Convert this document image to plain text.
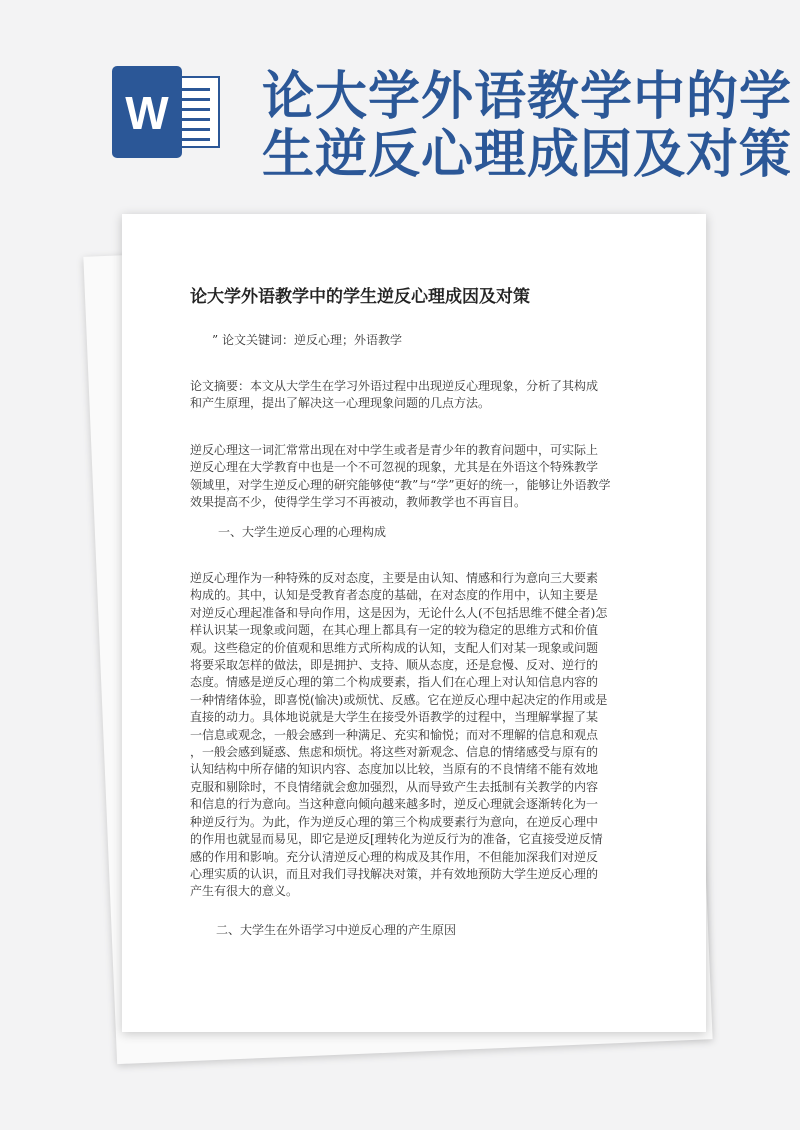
W 论大学外语教学中的学
生逆反心理成因及对策
论大学外语教学中的学生逆反心理成因及对策
” 论文关键词：逆反心理；外语教学
论文摘要：本文从大学生在学习外语过程中出现逆反心理现象，分析了其构成
和产生原理，提出了解决这一心理现象问题的几点方法。
逆反心理这一词汇常常出现在对中学生或者是青少年的教育问题中，可实际上
逆反心理在大学教育中也是一个不可忽视的现象，尤其是在外语这个特殊教学
领域里，对学生逆反心理的研究能够使“教”与“学”更好的统一，能够让外语教学
效果提高不少，使得学生学习不再被动，教师教学也不再盲目。
一、大学生逆反心理的心理构成
逆反心理作为一种特殊的反对态度，主要是由认知、情感和行为意向三大要素
构成的。其中，认知是受教育者态度的基础，在对态度的作用中，认知主要是
对逆反心理起准备和导向作用，这是因为，无论什么人(不包括思维不健全者)怎
样认识某一现象或问题，在其心理上都具有一定的较为稳定的思维方式和价值
观。这些稳定的价值观和思维方式所构成的认知，支配人们对某一现象或问题
将要采取怎样的做法，即是拥护、支持、顺从态度，还是怠慢、反对、逆行的
态度。情感是逆反心理的第二个构成要素，指人们在心理上对认知信息内容的
一种情绪体验，即喜悦(愉决)或烦忧、反感。它在逆反心理中起决定的作用或是
直接的动力。具体地说就是大学生在接受外语教学的过程中，当理解掌握了某
一信息或观念，一般会感到一种满足、充实和愉悦；而对不理解的信息和观点
，一般会感到疑惑、焦虑和烦忧。将这些对新观念、信息的情绪感受与原有的
认知结构中所存储的知识内容、态度加以比较，当原有的不良情绪不能有效地
克服和剔除时，不良情绪就会愈加强烈，从而导致产生去抵制有关教学的内容
和信息的行为意向。当这种意向倾向越来越多时，逆反心理就会逐渐转化为一
种逆反行为。为此，作为逆反心理的第三个构成要素行为意向，在逆反心理中
的作用也就显而易见，即它是逆反[理转化为逆反行为的准备，它直接受逆反情
感的作用和影响。充分认清逆反心理的构成及其作用，不但能加深我们对逆反
心理实质的认识，而且对我们寻找解决对策，并有效地预防大学生逆反心理的
产生有很大的意义。
二、大学生在外语学习中逆反心理的产生原因
